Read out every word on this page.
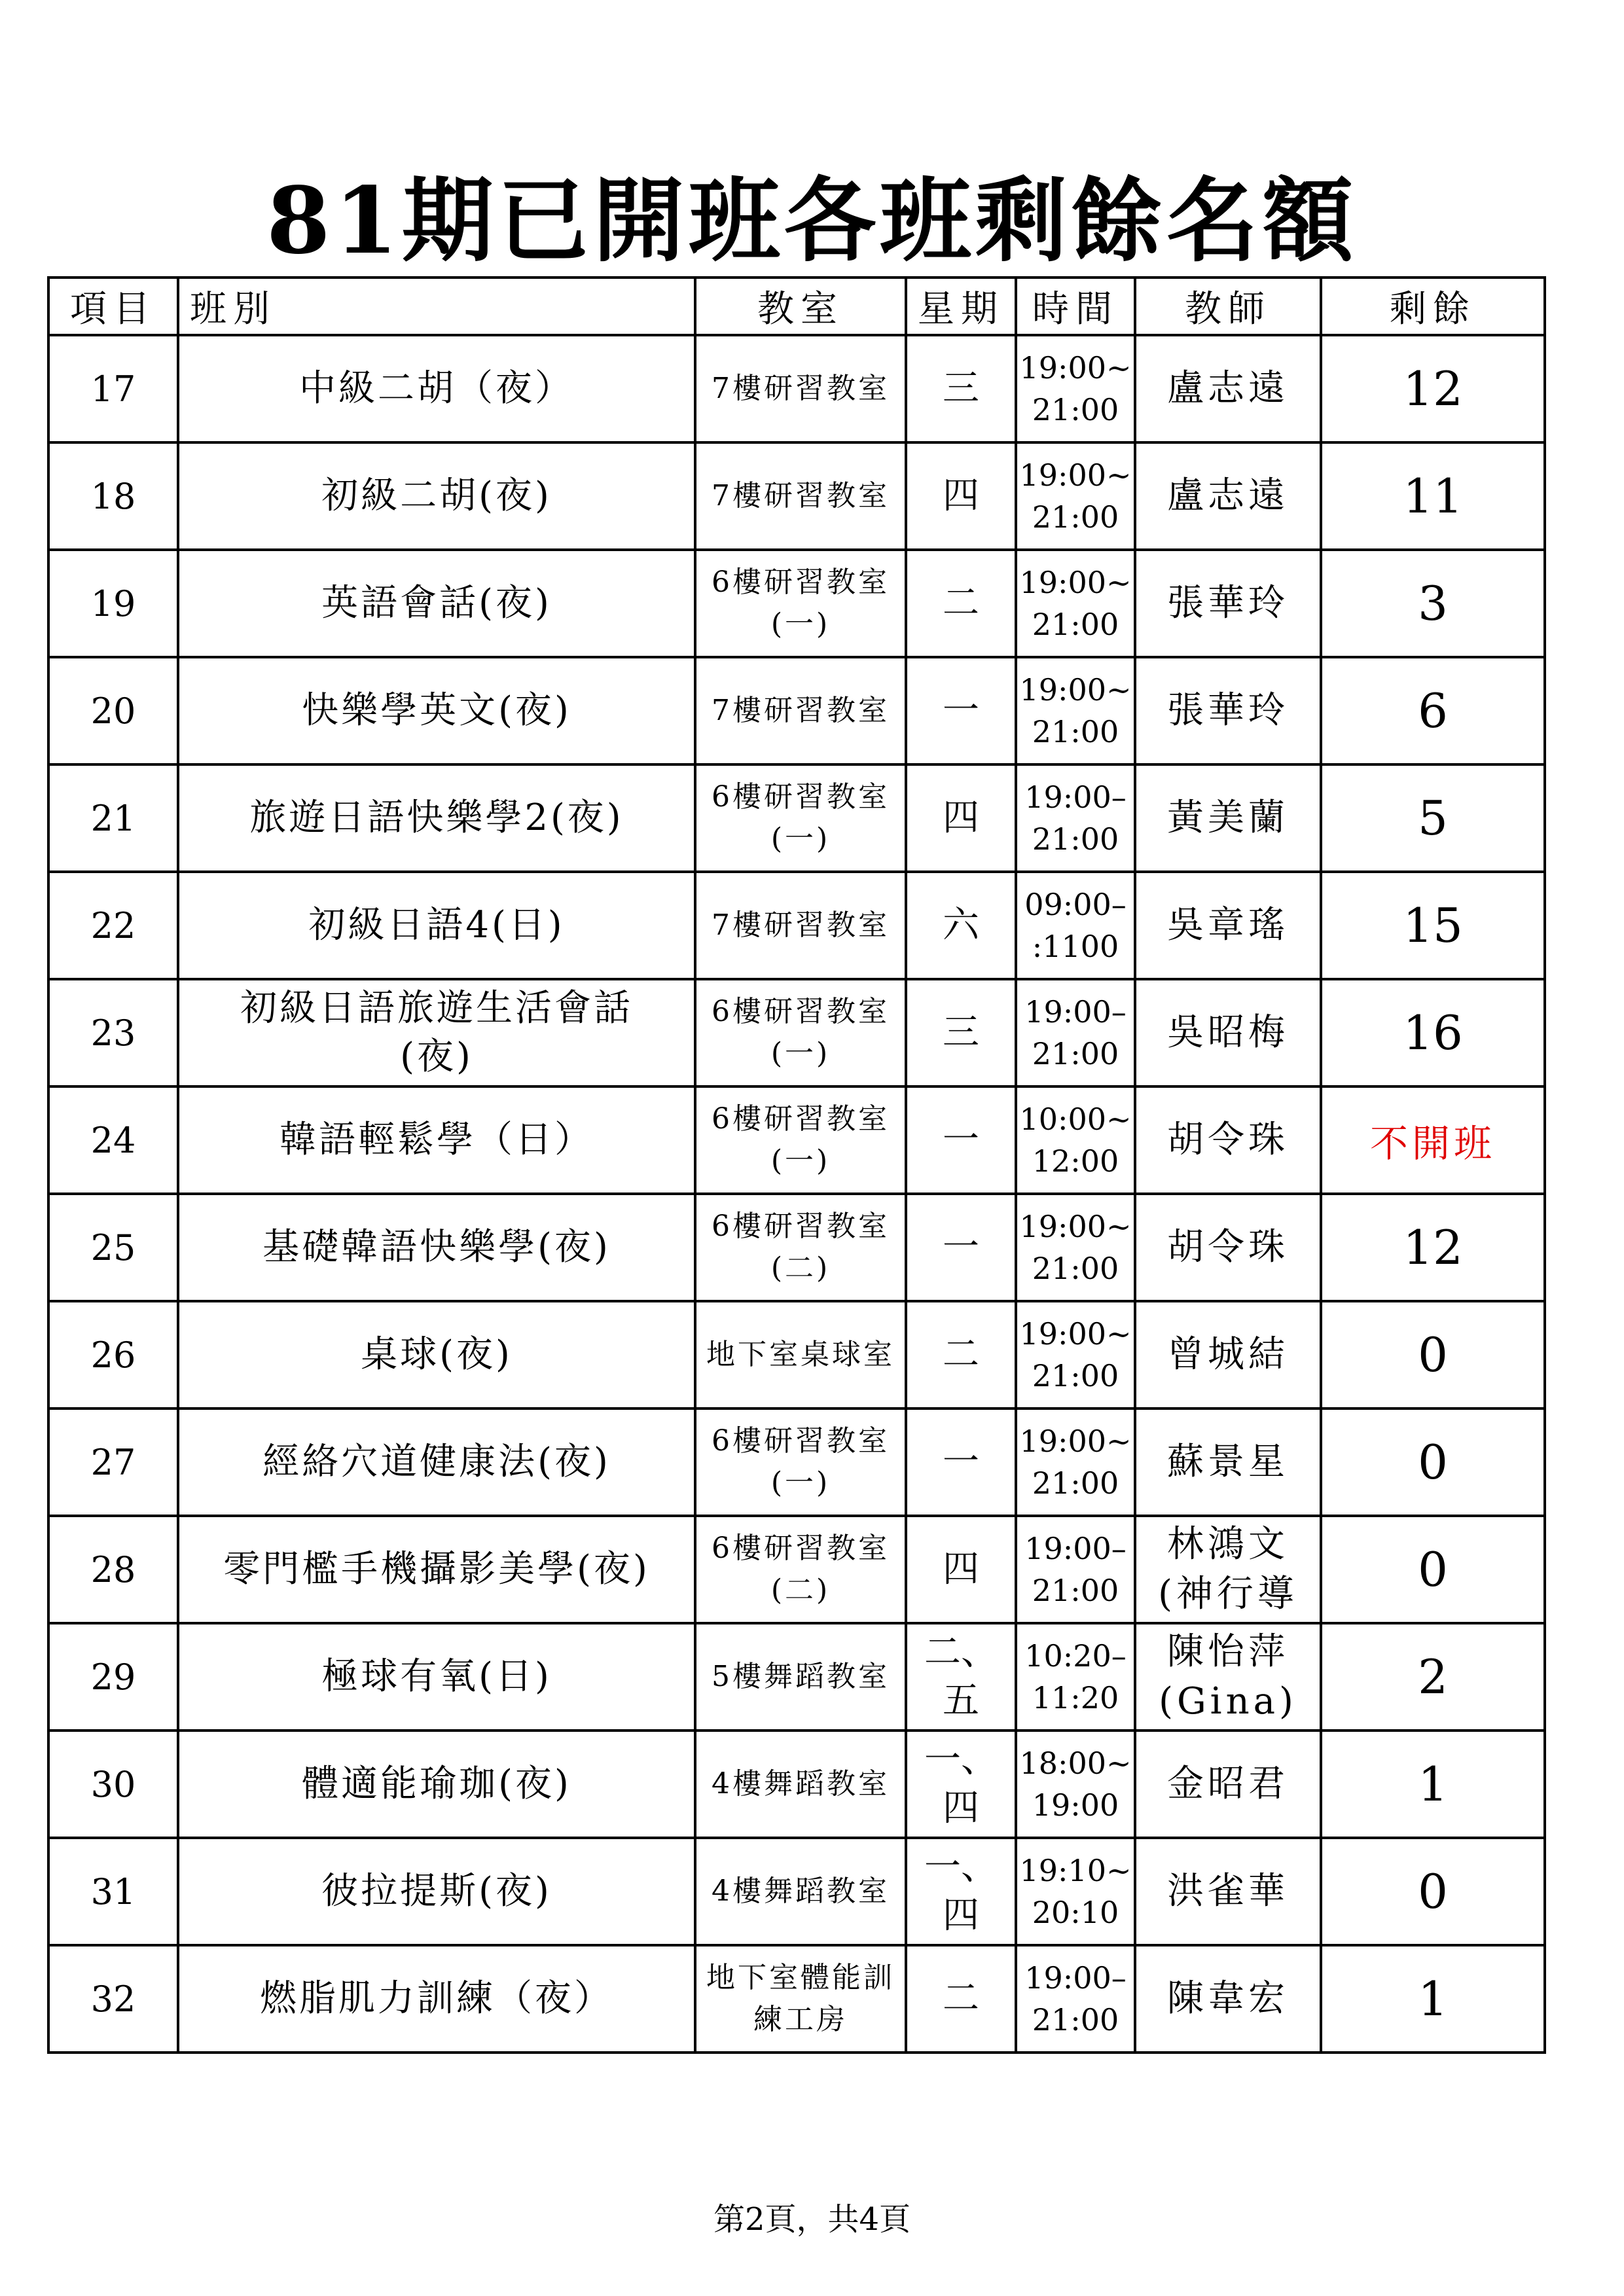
81期已開班各班剩餘名額
項目	班別	教室	星期	時間	教師	剩餘
17	中級二胡（夜）	7樓研習教室	三	19:00~
21:00	盧志遠	12
18	初級二胡(夜)	7樓研習教室	四	19:00~
21:00	盧志遠	11
19	英語會話(夜)	6樓研習教室
(一)	二	19:00~
21:00	張華玲	3
20	快樂學英文(夜)	7樓研習教室	一	19:00~
21:00	張華玲	6
21	旅遊日語快樂學2(夜)	6樓研習教室
(一)	四	19:00–
21:00	黃美蘭	5
22	初級日語4(日)	7樓研習教室	六	09:00–
:1100	吳章瑤	15
23	初級日語旅遊生活會話
(夜)	6樓研習教室
(一)	三	19:00–
21:00	吳昭梅	16
24	韓語輕鬆學（日）	6樓研習教室
(一)	一	10:00~
12:00	胡令珠	不開班
25	基礎韓語快樂學(夜)	6樓研習教室
(二)	一	19:00~
21:00	胡令珠	12
26	桌球(夜)	地下室桌球室	二	19:00~
21:00	曾城結	0
27	經絡穴道健康法(夜)	6樓研習教室
(一)	一	19:00~
21:00	蘇景星	0
28	零門檻手機攝影美學(夜)	6樓研習教室
(二)	四	19:00–
21:00	林鴻文
(神行導	0
29	極球有氧(日)	5樓舞蹈教室	二、
五	10:20–
11:20	陳怡萍
(Gina)	2
30	體適能瑜珈(夜)	4樓舞蹈教室	一、
四	18:00~
19:00	金昭君	1
31	彼拉提斯(夜)	4樓舞蹈教室	一、
四	19:10~
20:10	洪雀華	0
32	燃脂肌力訓練（夜）	地下室體能訓
練工房	二	19:00–
21:00	陳韋宏	1
第2頁，共4頁
